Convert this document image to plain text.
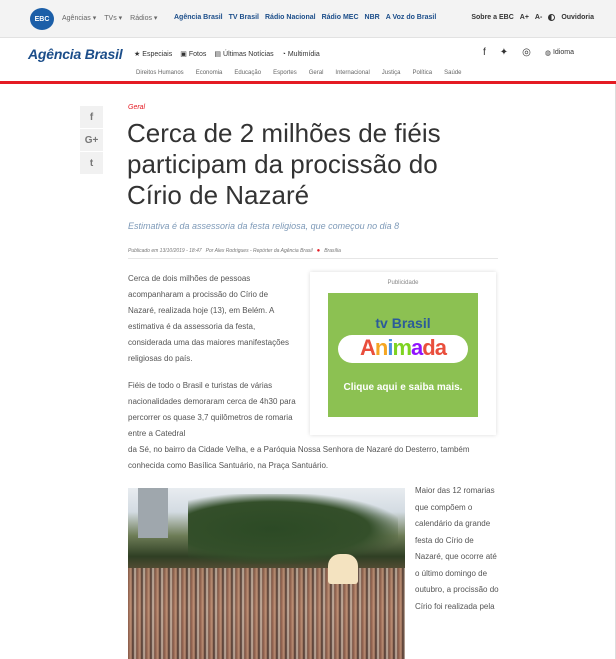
EBC	Agências ▾ TVs ▾ Rádios ▾ Agência Brasil TV Brasil Rádio Nacional Rádio MEC NBR A Voz do Brasil	Sobre a EBC A+ A-	Ouvidoria
Agência Brasil ★ Especiais ▣ Fotos ▤ Últimas Notícias ◔ Multimídia	f ✦ ◎ ◍ Idioma
Direitos Humanos Economia Educação Esportes Geral Internacional Justiça Política Saúde
f
G+
t
Geral
Cerca de 2 milhões de fiéis participam da procissão do Círio de Nazaré
Estimativa é da assessoria da festa religiosa, que começou no dia 8
Publicado em 13/10/2019 - 18:47 Por Alex Rodrigues - Repórter da Agência Brasil ● Brasília

Cerca de dois milhões de pessoas acompanharam a procissão do Círio de Nazaré, realizada hoje (13), em Belém. A estimativa é da assessoria da festa, considerada uma das maiores manifestações religiosas do país.

Fiéis de todo o Brasil e turistas de várias nacionalidades demoraram cerca de 4h30 para percorrer os quase 3,7 quilômetros de romaria entre a Catedral

da Sé, no bairro da Cidade Velha, e a Paróquia Nossa Senhora de Nazaré do Desterro, também conhecida como Basílica Santuário, na Praça Santuário.

Publicidade
tv Brasil
Animada
Clique aqui e saiba mais.

Maior das 12 romarias que compõem o calendário da grande festa do Círio de Nazaré, que ocorre até o último domingo de outubro, a procissão do Círio foi realizada pela
